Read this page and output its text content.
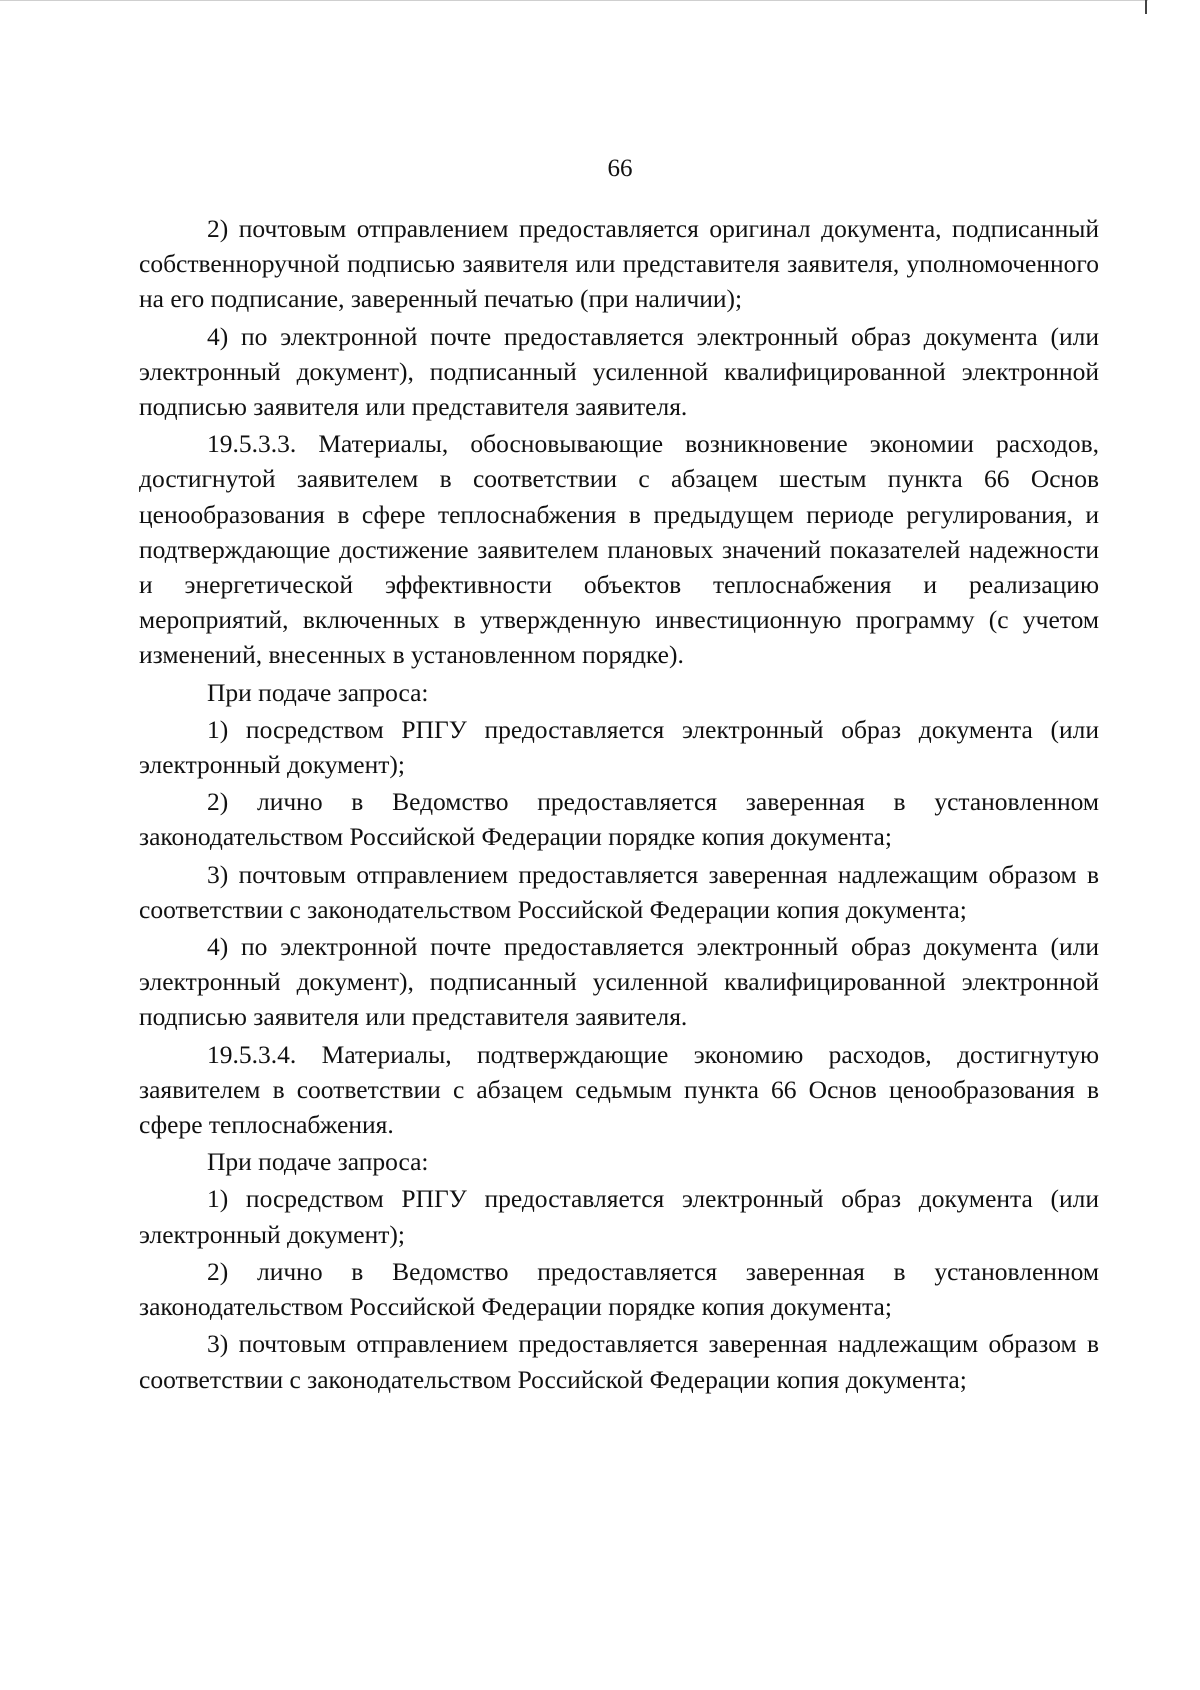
66

2) почтовым отправлением предоставляется оригинал документа, подписанный собственноручной подписью заявителя или представителя заявителя, уполномоченного на его подписание, заверенный печатью (при наличии);

4) по электронной почте предоставляется электронный образ документа (или электронный документ), подписанный усиленной квалифицированной электронной подписью заявителя или представителя заявителя.

19.5.3.3. Материалы, обосновывающие возникновение экономии расходов, достигнутой заявителем в соответствии с абзацем шестым пункта 66 Основ ценообразования в сфере теплоснабжения в предыдущем периоде регулирования, и подтверждающие достижение заявителем плановых значений показателей надежности и энергетической эффективности объектов теплоснабжения и реализацию мероприятий, включенных в утвержденную инвестиционную программу (с учетом изменений, внесенных в установленном порядке).

При подаче запроса:

1) посредством РПГУ предоставляется электронный образ документа (или электронный документ);

2) лично в Ведомство предоставляется заверенная в установленном законодательством Российской Федерации порядке копия документа;

3) почтовым отправлением предоставляется заверенная надлежащим образом в соответствии с законодательством Российской Федерации копия документа;

4) по электронной почте предоставляется электронный образ документа (или электронный документ), подписанный усиленной квалифицированной электронной подписью заявителя или представителя заявителя.

19.5.3.4. Материалы, подтверждающие экономию расходов, достигнутую заявителем в соответствии с абзацем седьмым пункта 66 Основ ценообразования в сфере теплоснабжения.

При подаче запроса:

1) посредством РПГУ предоставляется электронный образ документа (или электронный документ);

2) лично в Ведомство предоставляется заверенная в установленном законодательством Российской Федерации порядке копия документа;

3) почтовым отправлением предоставляется заверенная надлежащим образом в соответствии с законодательством Российской Федерации копия документа;
